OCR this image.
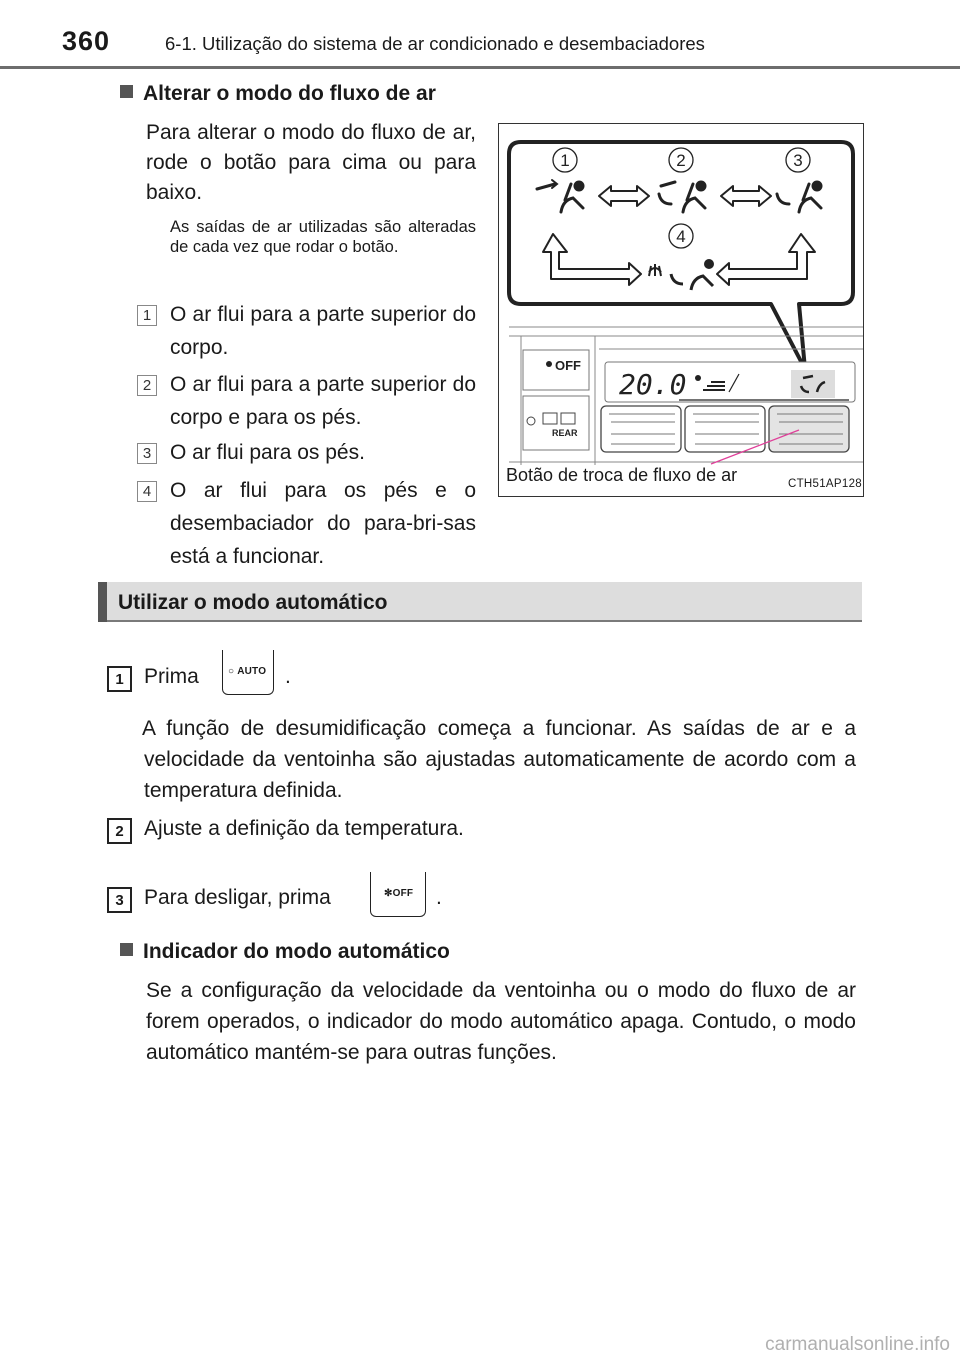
360	6-1. Utilização do sistema de ar condicionado e desembaciadores
Alterar o modo do fluxo de ar
Para alterar o modo do fluxo de ar, rode o botão para cima ou para baixo.
As saídas de ar utilizadas são alteradas de cada vez que rodar o botão.
1 O ar flui para a parte superior do corpo.
2 O ar flui para a parte superior do corpo e para os pés.
3 O ar flui para os pés.
4 O ar flui para os pés e o desembaciador do para-bri-sas está a funcionar.
1	2	3
4
OFF
REAR
20.0
Botão de troca de fluxo de ar	CTH51AP128
Utilizar o modo automático
1 Prima	○ AUTO .
A função de desumidificação começa a funcionar. As saídas de ar e a velocidade da ventoinha são ajustadas automaticamente de acordo com a temperatura definida.
2 Ajuste a definição da temperatura.
3 Para desligar, prima	✻OFF .
Indicador do modo automático
Se a configuração da velocidade da ventoinha ou o modo do fluxo de ar forem operados, o indicador do modo automático apaga. Contudo, o modo automático mantém-se para outras funções.
carmanualsonline.info
